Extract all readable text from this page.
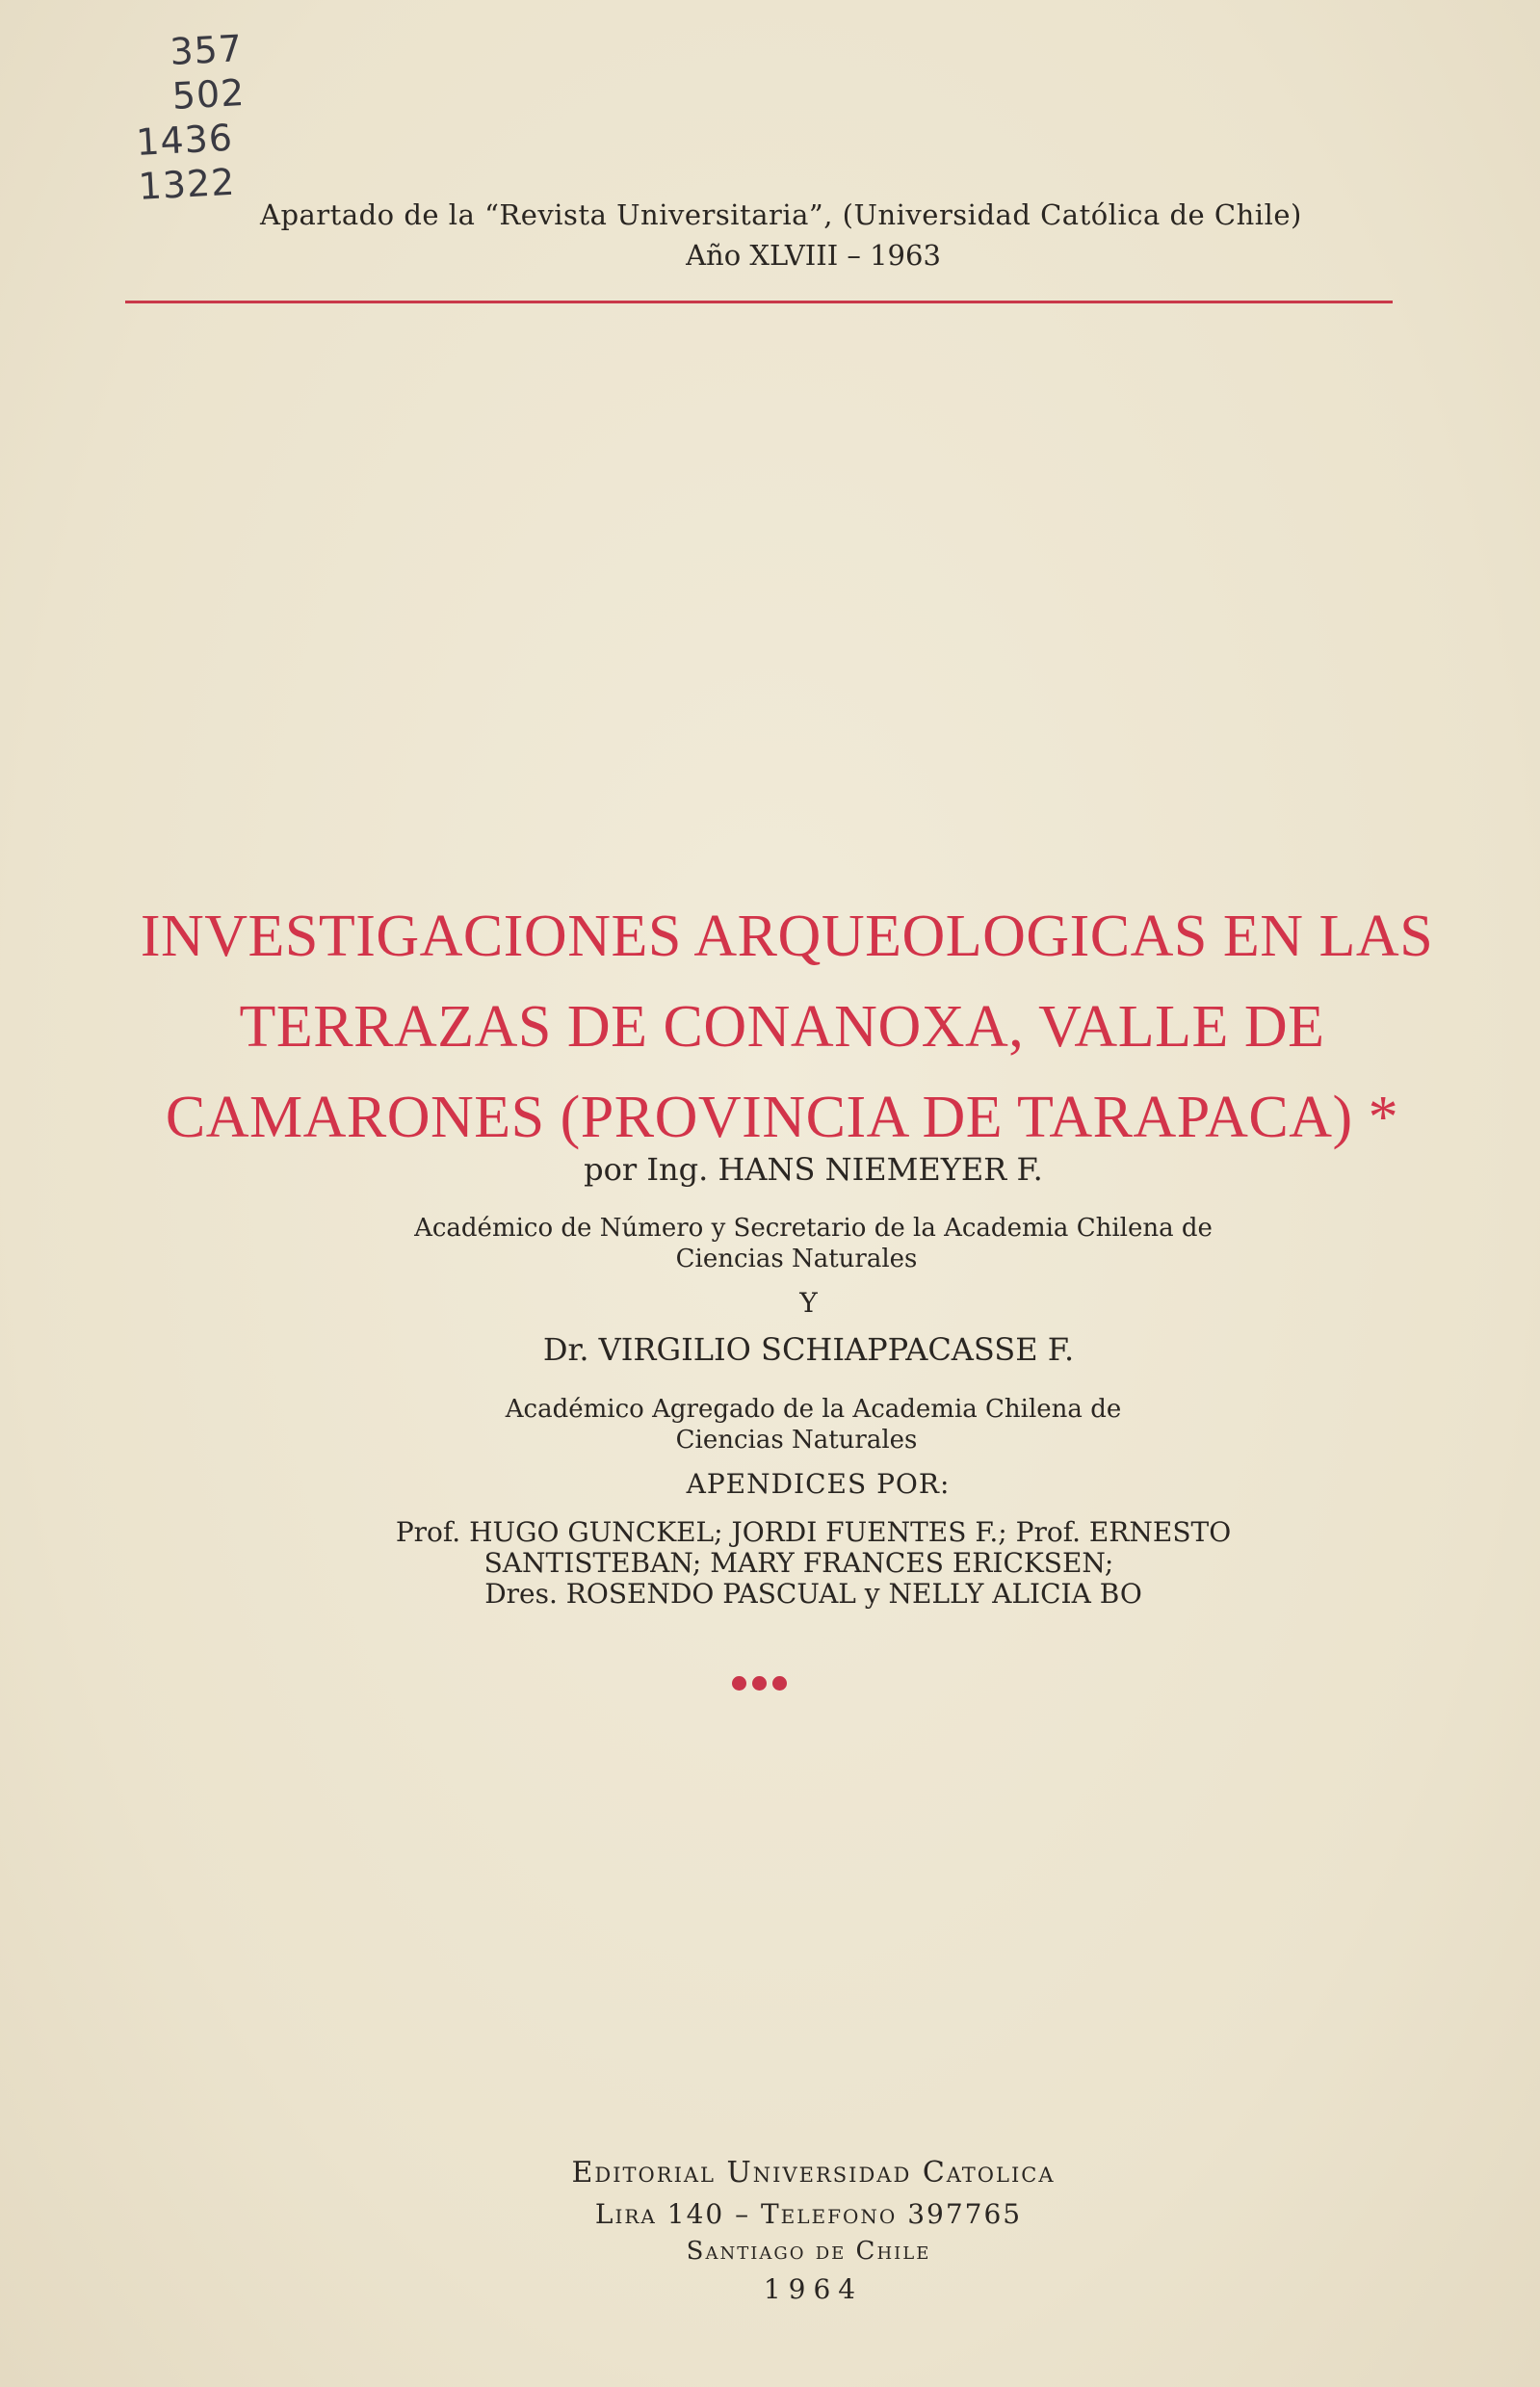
357
502
1436
1322
Apartado de la “Revista Universitaria”, (Universidad Católica de Chile)
Año XLVIII – 1963
INVESTIGACIONES ARQUEOLOGICAS EN LAS
TERRAZAS DE CONANOXA, VALLE DE
CAMARONES (PROVINCIA DE TARAPACA) *
por Ing. HANS NIEMEYER F.
Académico de Número y Secretario de la Academia Chilena de
Ciencias Naturales
Y
Dr. VIRGILIO SCHIAPPACASSE F.
Académico Agregado de la Academia Chilena de
Ciencias Naturales
APENDICES POR:
Prof. HUGO GUNCKEL; JORDI FUENTES F.; Prof. ERNESTO
SANTISTEBAN; MARY FRANCES ERICKSEN;
Dres. ROSENDO PASCUAL y NELLY ALICIA BO
Editorial Universidad Catolica
Lira 140 – Telefono 397765
Santiago de Chile
1964
